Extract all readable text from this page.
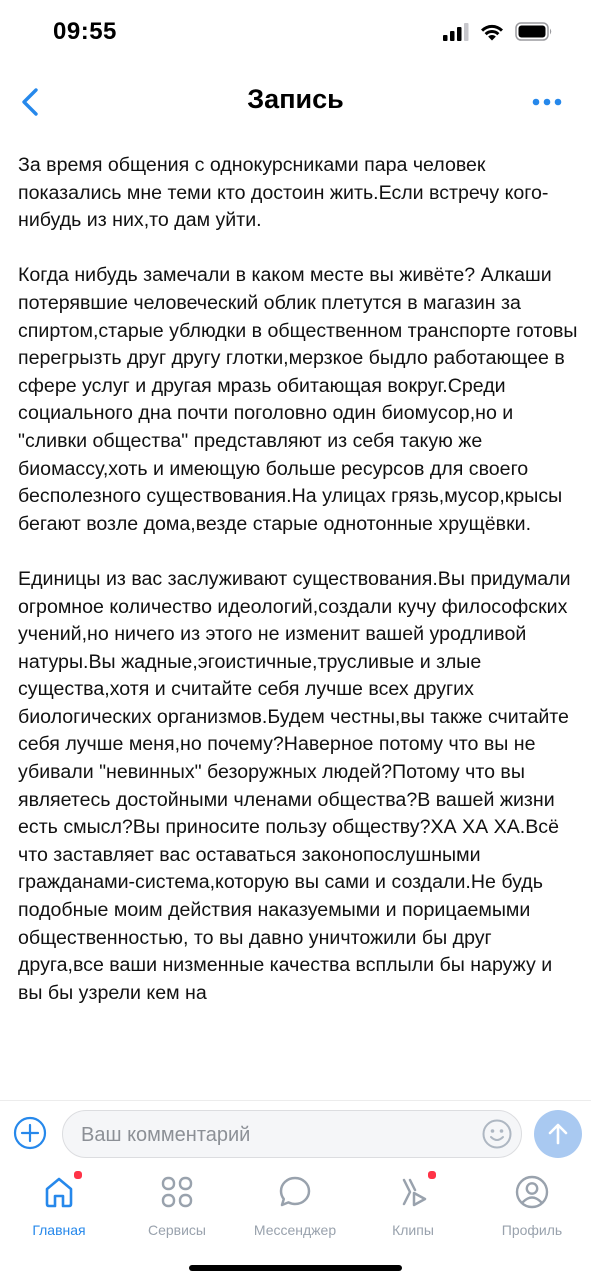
09:55
Запись

За время общения с однокурсниками пара человек показались мне теми кто достоин жить.Если встречу кого-нибудь из них,то дам уйти.

Когда нибудь замечали в каком месте вы живёте? Алкаши потерявшие человеческий облик плетутся в магазин за спиртом,старые ублюдки в общественном транспорте готовы перегрызть друг другу глотки,мерзкое быдло работающее в сфере услуг и другая мразь обитающая вокруг.Среди социального дна почти поголовно один биомусор,но и "сливки общества" представляют из себя такую же биомассу,хоть и имеющую больше ресурсов для своего бесполезного существования.На улицах грязь,мусор,крысы бегают возле дома,везде старые однотонные хрущёвки.

Единицы из вас заслуживают существования.Вы придумали огромное количество идеологий,создали кучу философских учений,но ничего из этого не изменит вашей уродливой натуры.Вы жадные,эгоистичные,трусливые и злые существа,хотя и считайте себя лучше всех других биологических организмов.Будем честны,вы также считайте себя лучше меня,но почему?Наверное потому что вы не убивали "невинных" безоружных людей?Потому что вы являетесь достойными членами общества?В вашей жизни есть смысл?Вы приносите пользу обществу?ХА ХА ХА.Всё что заставляет вас оставаться законопослушными гражданами-система,которую вы сами и создали.Не будь подобные моим действия наказуемыми и порицаемыми общественностью, то вы давно уничтожили бы друг друга,все ваши низменные качества всплыли бы наружу и вы бы узрели кем на

Ваш комментарий
Главная	Сервисы	Мессенджер	Клипы	Профиль
